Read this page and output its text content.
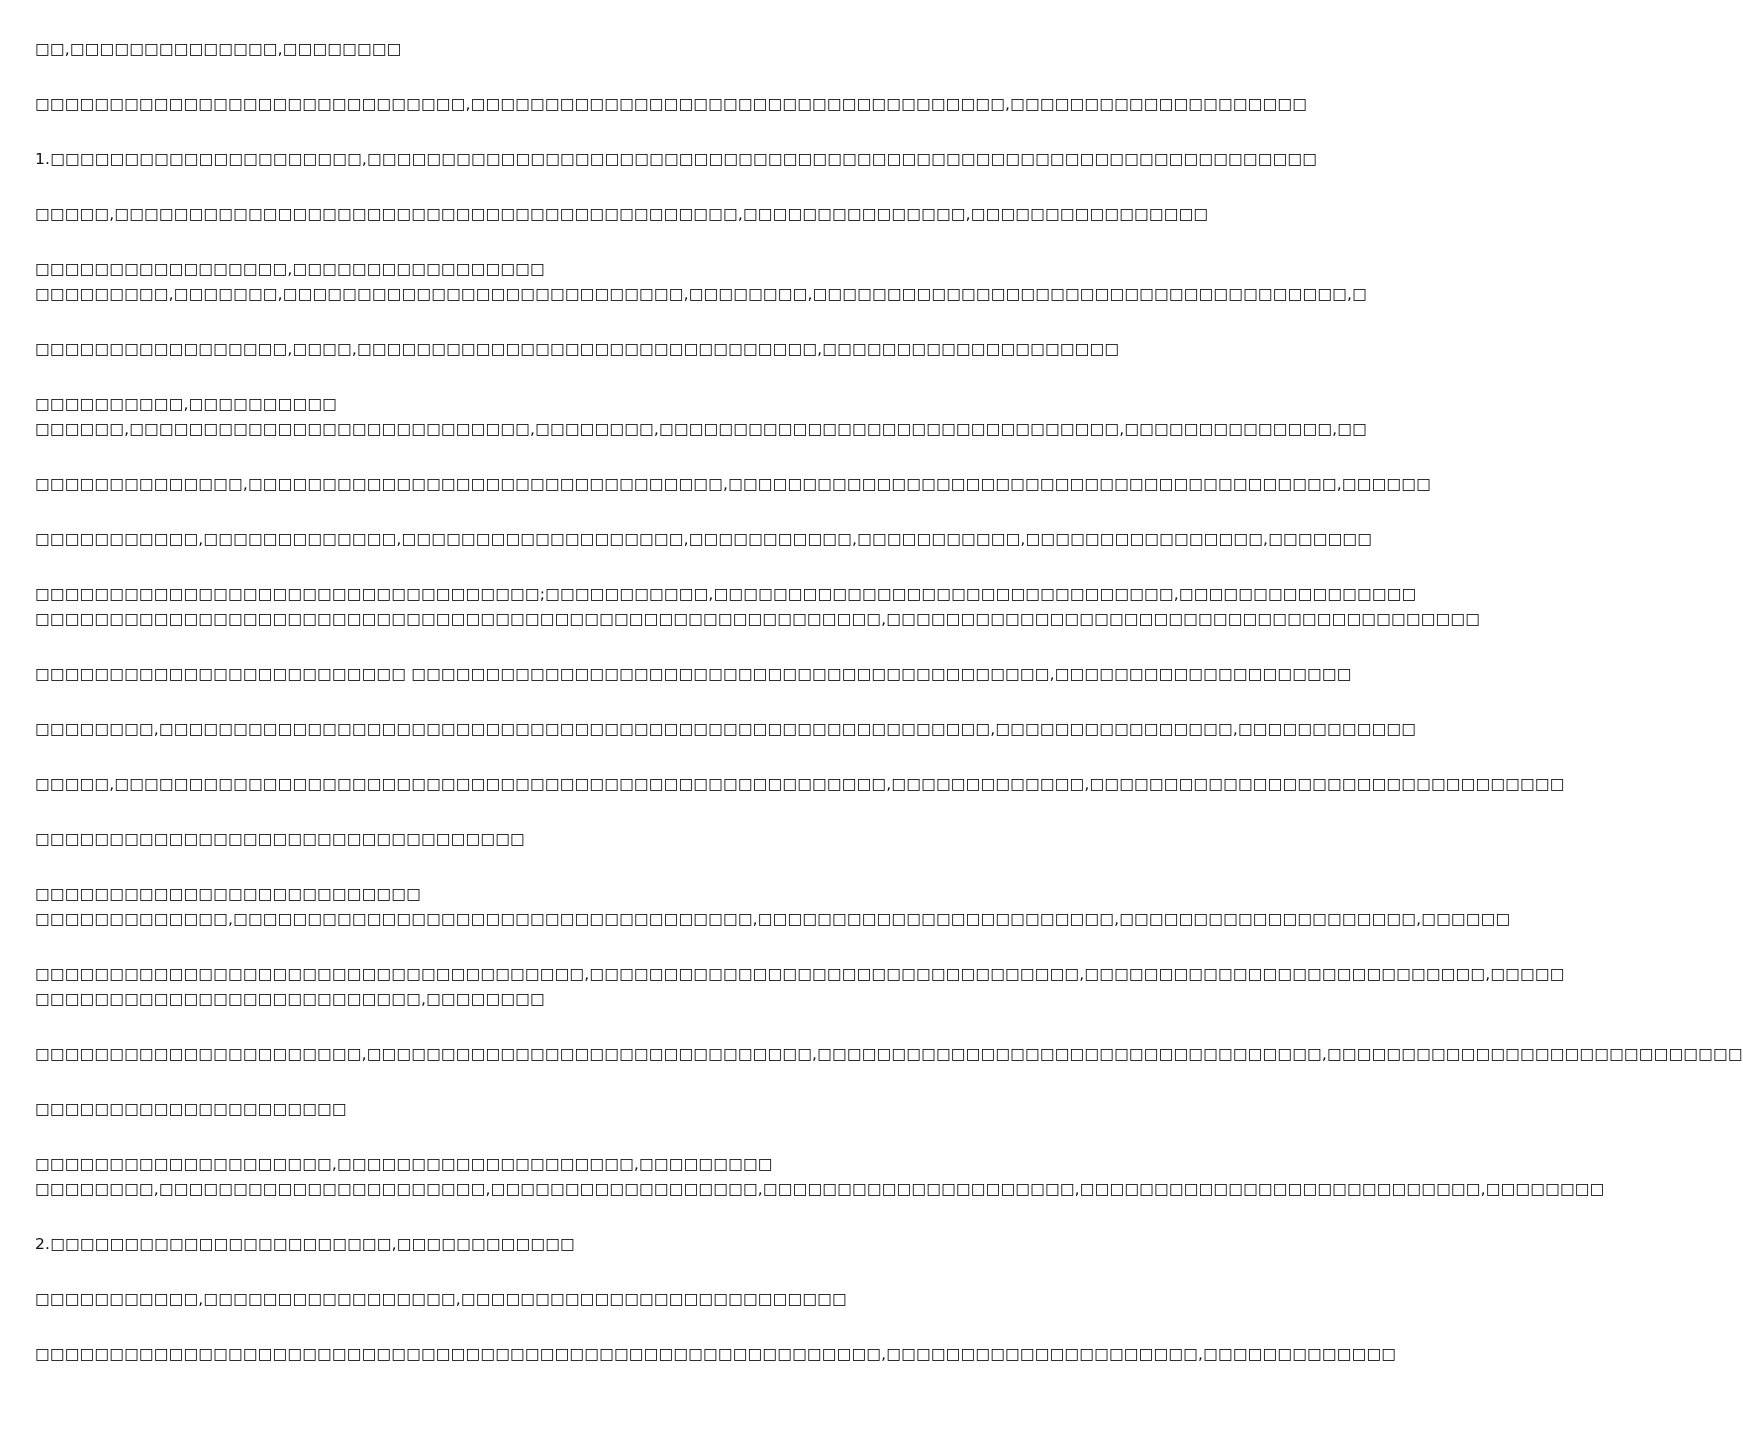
□□,□□□□□□□□□□□□□□,□□□□□□□□
□□□□□□□□□□□□□□□□□□□□□□□□□□□□□,□□□□□□□□□□□□□□□□□□□□□□□□□□□□□□□□□□□□,□□□□□□□□□□□□□□□□□□□□
1.□□□□□□□□□□□□□□□□□□□□□,□□□□□□□□□□□□□□□□□□□□□□□□□□□□□□□□□□□□□□□□□□□□□□□□□□□□□□□□□□□□□□□□
□□□□□,□□□□□□□□□□□□□□□□□□□□□□□□□□□□□□□□□□□□□□□□□□,□□□□□□□□□□□□□□□,□□□□□□□□□□□□□□□□
□□□□□□□□□□□□□□□□□,□□□□□□□□□□□□□□□□□
□□□□□□□□□,□□□□□□□,□□□□□□□□□□□□□□□□□□□□□□□□□□□,□□□□□□□□,□□□□□□□□□□□□□□□□□□□□□□□□□□□□□□□□□□□□,□
□□□□□□□□□□□□□□□□□,□□□□,□□□□□□□□□□□□□□□□□□□□□□□□□□□□□□□,□□□□□□□□□□□□□□□□□□□□
□□□□□□□□□□,□□□□□□□□□□
□□□□□□,□□□□□□□□□□□□□□□□□□□□□□□□□□□,□□□□□□□□,□□□□□□□□□□□□□□□□□□□□□□□□□□□□□□□,□□□□□□□□□□□□□□,□□
□□□□□□□□□□□□□□,□□□□□□□□□□□□□□□□□□□□□□□□□□□□□□□□,□□□□□□□□□□□□□□□□□□□□□□□□□□□□□□□□□□□□□□□□□,□□□□□□
□□□□□□□□□□□,□□□□□□□□□□□□□,□□□□□□□□□□□□□□□□□□□,□□□□□□□□□□□,□□□□□□□□□□□,□□□□□□□□□□□□□□□□,□□□□□□□
□□□□□□□□□□□□□□□□□□□□□□□□□□□□□□□□□□;□□□□□□□□□□□,□□□□□□□□□□□□□□□□□□□□□□□□□□□□□□□,□□□□□□□□□□□□□□□□
□□□□□□□□□□□□□□□□□□□□□□□□□□□□□□□□□□□□□□□□□□□□□□□□□□□□□□□□□,□□□□□□□□□□□□□□□□□□□□□□□□□□□□□□□□□□□□□□□□
□□□□□□□□□□□□□□□□□□□□□□□□□ □□□□□□□□□□□□□□□□□□□□□□□□□□□□□□□□□□□□□□□□□□□,□□□□□□□□□□□□□□□□□□□□
□□□□□□□□,□□□□□□□□□□□□□□□□□□□□□□□□□□□□□□□□□□□□□□□□□□□□□□□□□□□□□□□□,□□□□□□□□□□□□□□□□,□□□□□□□□□□□□
□□□□□,□□□□□□□□□□□□□□□□□□□□□□□□□□□□□□□□□□□□□□□□□□□□□□□□□□□□,□□□□□□□□□□□□□,□□□□□□□□□□□□□□□□□□□□□□□□□□□□□□□□
□□□□□□□□□□□□□□□□□□□□□□□□□□□□□□□□□
□□□□□□□□□□□□□□□□□□□□□□□□□□
□□□□□□□□□□□□□,□□□□□□□□□□□□□□□□□□□□□□□□□□□□□□□□□□□,□□□□□□□□□□□□□□□□□□□□□□□□,□□□□□□□□□□□□□□□□□□□□,□□□□□□
□□□□□□□□□□□□□□□□□□□□□□□□□□□□□□□□□□□□□,□□□□□□□□□□□□□□□□□□□□□□□□□□□□□□□□□,□□□□□□□□□□□□□□□□□□□□□□□□□□□,□□□□□
□□□□□□□□□□□□□□□□□□□□□□□□□□,□□□□□□□□
□□□□□□□□□□□□□□□□□□□□□□,□□□□□□□□□□□□□□□□□□□□□□□□□□□□□□,□□□□□□□□□□□□□□□□□□□□□□□□□□□□□□□□□□,□□□□□□□□□□□□□□□□□□□□□□□□□□□□
□□□□□□□□□□□□□□□□□□□□□
□□□□□□□□□□□□□□□□□□□□,□□□□□□□□□□□□□□□□□□□□,□□□□□□□□□
□□□□□□□□,□□□□□□□□□□□□□□□□□□□□□□,□□□□□□□□□□□□□□□□□□,□□□□□□□□□□□□□□□□□□□□□,□□□□□□□□□□□□□□□□□□□□□□□□□□□,□□□□□□□□
2.□□□□□□□□□□□□□□□□□□□□□□□,□□□□□□□□□□□□
□□□□□□□□□□□,□□□□□□□□□□□□□□□□□,□□□□□□□□□□□□□□□□□□□□□□□□□□
□□□□□□□□□□□□□□□□□□□□□□□□□□□□□□□□□□□□□□□□□□□□□□□□□□□□□□□□□,□□□□□□□□□□□□□□□□□□□□□,□□□□□□□□□□□□□
